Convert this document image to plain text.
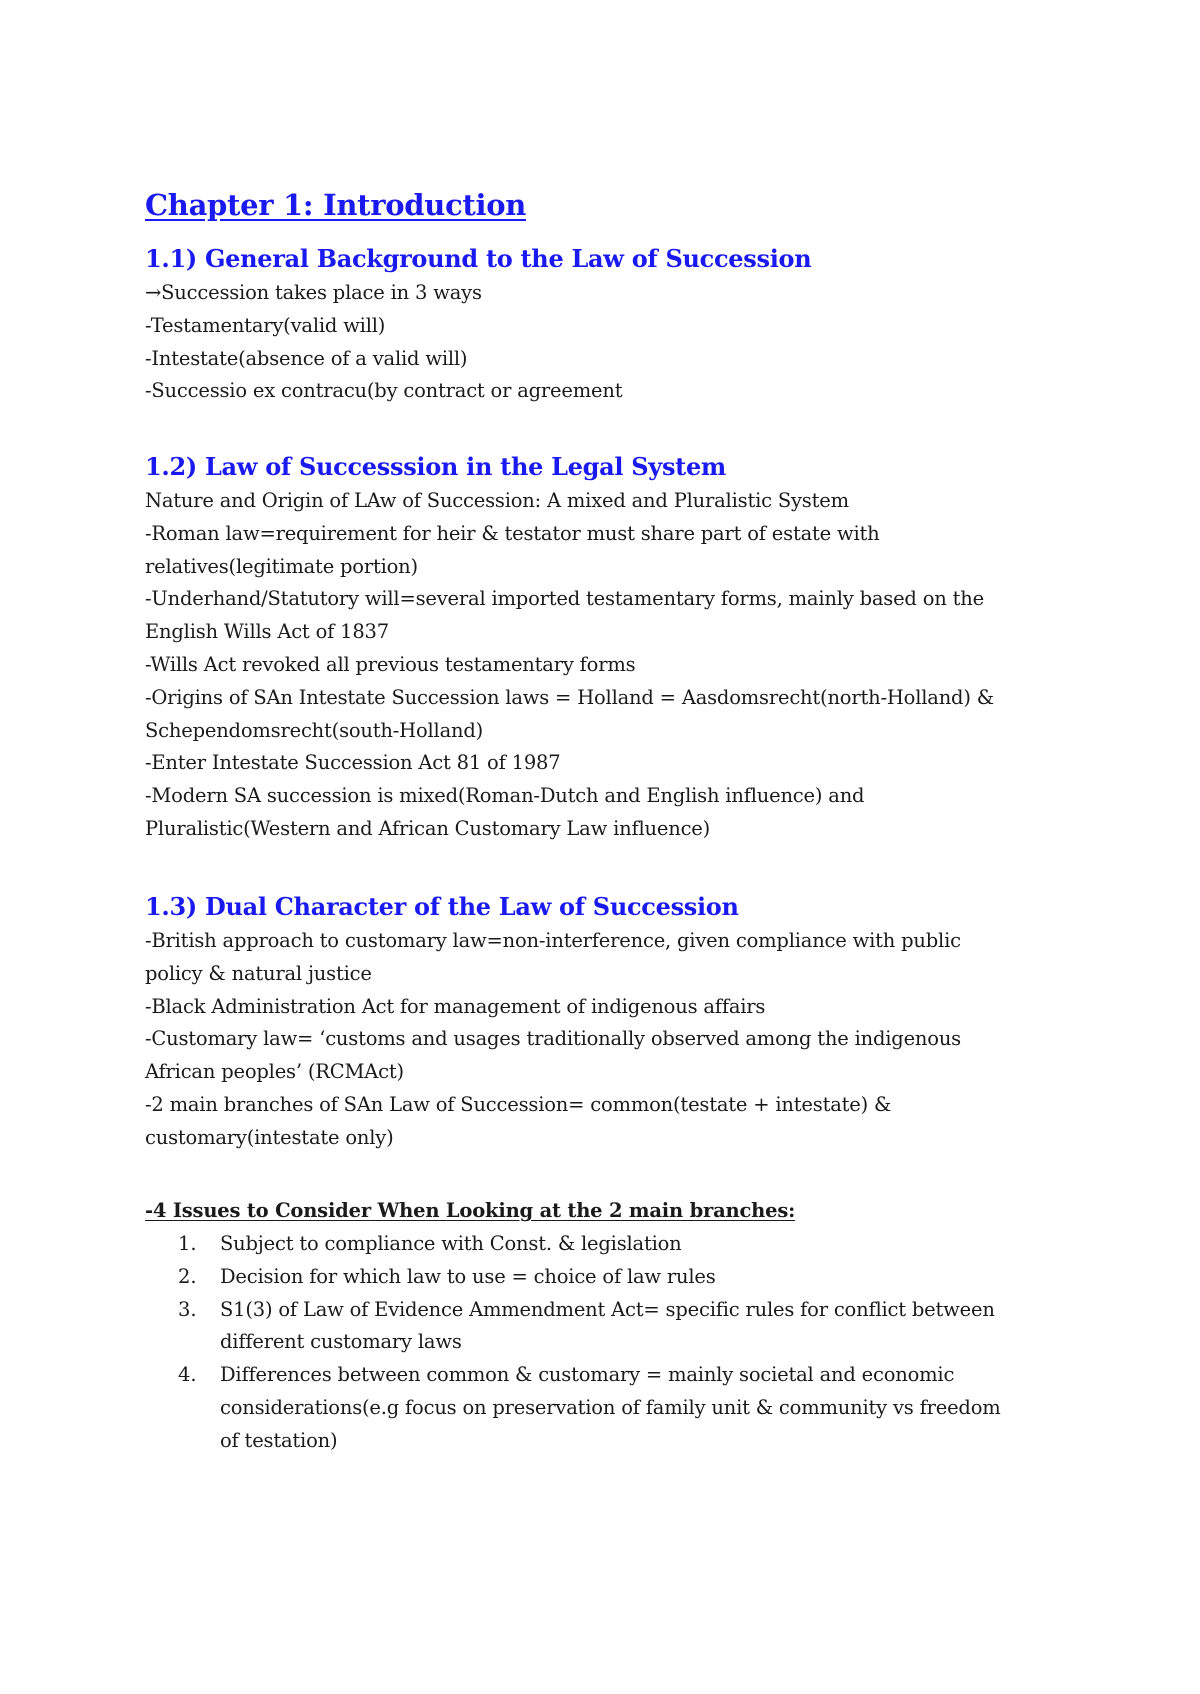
Chapter 1: Introduction
1.1) General Background to the Law of Succession
→Succession takes place in 3 ways
-Testamentary(valid will)
-Intestate(absence of a valid will)
-Successio ex contracu(by contract or agreement
1.2) Law of Successsion in the Legal System
Nature and Origin of LAw of Succession: A mixed and Pluralistic System
-Roman law=requirement for heir & testator must share part of estate with
relatives(legitimate portion)
-Underhand/Statutory will=several imported testamentary forms, mainly based on the
English Wills Act of 1837
-Wills Act revoked all previous testamentary forms
-Origins of SAn Intestate Succession laws = Holland = Aasdomsrecht(north-Holland) &
Schependomsrecht(south-Holland)
-Enter Intestate Succession Act 81 of 1987
-Modern SA succession is mixed(Roman-Dutch and English influence) and
Pluralistic(Western and African Customary Law influence)
1.3) Dual Character of the Law of Succession
-British approach to customary law=non-interference, given compliance with public
policy & natural justice
-Black Administration Act for management of indigenous affairs
-Customary law= ‘customs and usages traditionally observed among the indigenous
African peoples’ (RCMAct)
-2 main branches of SAn Law of Succession= common(testate + intestate) &
customary(intestate only)

-4 Issues to Consider When Looking at the 2 main branches:

1. Subject to compliance with Const. & legislation
2. Decision for which law to use = choice of law rules
3. S1(3) of Law of Evidence Ammendment Act= specific rules for conflict between
different customary laws
4. Differences between common & customary = mainly societal and economic
considerations(e.g focus on preservation of family unit & community vs freedom
of testation)
